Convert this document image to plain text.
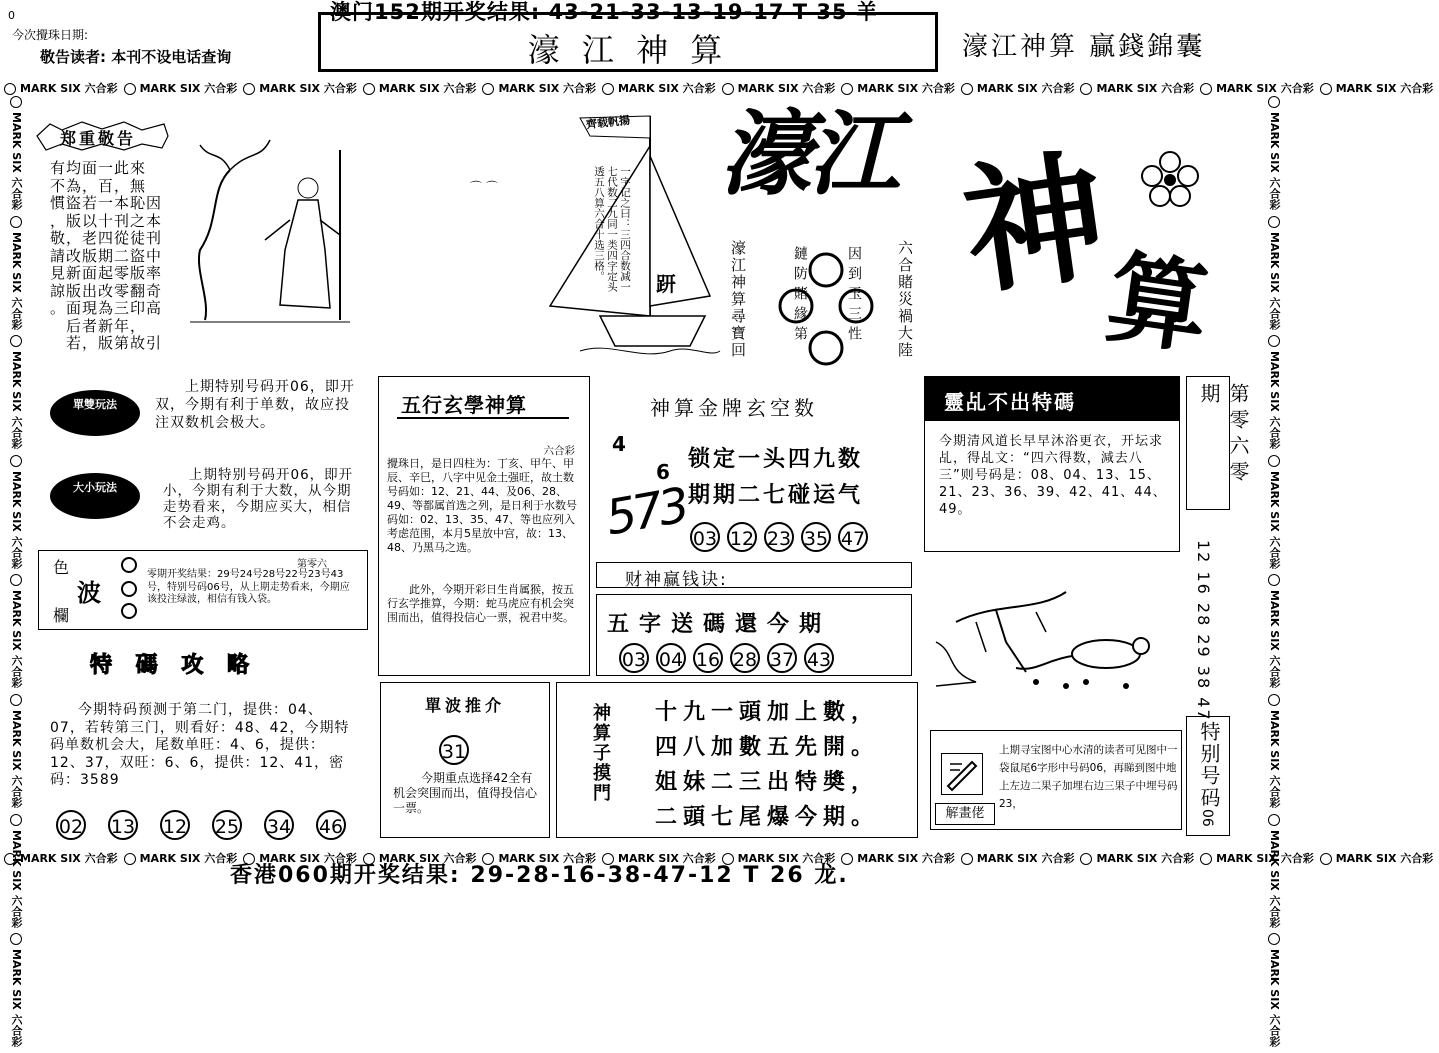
0
今次攪珠日期:
敬告读者: 本刊不设电话查询
澳门152期开奖结果: 43-21-33-13-19-17 T 35 羊
濠 江 神 算	濠江神算 贏錢錦囊
MARK SIX 六合彩 MARK SIX 六合彩 MARK SIX 六合彩 MARK SIX 六合彩 MARK SIX 六合彩 MARK SIX 六合彩 MARK SIX 六合彩 MARK SIX 六合彩 MARK SIX 六合彩 MARK SIX 六合彩 MARK SIX 六合彩 MARK SIX 六合彩
MARK SIX 六合彩 MARK SIX 六合彩 MARK SIX 六合彩 MARK SIX 六合彩 MARK SIX 六合彩 MARK SIX 六合彩 MARK SIX 六合彩 MARK SIX 六合彩 MARK SIX 六合彩 MARK SIX 六合彩 MARK SIX 六合彩 MARK SIX 六合彩
MARK SIX 六合彩MARK SIX 六合彩MARK SIX 六合彩MARK SIX 六合彩MARK SIX 六合彩MARK SIX 六合彩MARK SIX 六合彩MARK SIX 六合彩
MARK SIX 六合彩MARK SIX 六合彩MARK SIX 六合彩MARK SIX 六合彩MARK SIX 六合彩MARK SIX 六合彩MARK SIX 六合彩MARK SIX 六合彩
郑重敬告
有均面一此來
不為，百，無
慣盜若一本恥因
，版以十刊之本
敬，老四從徒刊
請改版期二盜中
見新面起零版率
諒版出改零翻奇
。面現為三印高
　后者新年，
　若，版第故引
⌒ ⌒
齊载帆揚
一字记之曰：三四合数减一七代数二九同一类四字定头透五八算六合十选三格。
趼
濠江 神
算
濠江神算尋寶回	鏈防賭緣第	因到玉三性 六合賭災禍大陸
單雙玩法
上期特别号码开06，即开双，今期有利于单数，故应投注双数机会极大。
大小玩法
上期特别号码开06，即开小，今期有利于大数，从今期走势看来，今期应买大，相信不会走鸡。
色
波
欄
第零六
零期开奖结果：29号24号28号22号23号43号，特别号码06号，从上期走势看来，今期应该投注绿波，相信有钱入袋。
特 碼 攻 略
今期特码预测于第二门，提供：04、07，若转第三门，则看好：48、42，今期特码单数机会大，尾数单旺：4、6，提供：12、37，双旺：6、6，提供：12、41，密码：3589
02 13 12 25 34 46
五行玄學神算
六合彩
攪珠日，是日四柱为：丁亥、甲午、甲辰、辛巳，八字中见金土强旺，故土数号码如：12、21、44、及06、28、49、等都属首选之列，是日利于水数号码如：02、13、35、47、等也应列入考虑范围，本月5星放中宫，故：13、48、乃黑马之选。
此外，今期开彩日生肖属猴，按五行玄学推算，今期：蛇马虎应有机会突围而出，值得投信心一票，祝君中奖。
神算金牌玄空数
4
6
573
锁定一头四九数
期期二七碰运气
03 12 23 35 47
财神赢钱诀:
五字送碼還今期
03 04 16 28 37 43
靈乩不出特碼
今期清风道长早早沐浴更衣，开坛求乩，得乩文：“四六得数，減去八三”则号码是：08、04、13、15、21、23、36、39、42、41、44、49。
第零六零期
12 16 28 29 38 47
特别号码
06
解畫佬
上期寻宝图中心水清的读者可见图中一袋鼠尾6字形中号码06，再睇到图中地上左边二果子加埋右边三果子中埋号码23，
單波推介
31
今期重点选择42全有机会突围而出，值得投信心一票。
神算子摸門 十九一頭加上數，
四八加數五先開。
姐妹二三出特奬，
二頭七尾爆今期。
香港060期开奖结果: 29-28-16-38-47-12 T 26 龙.
